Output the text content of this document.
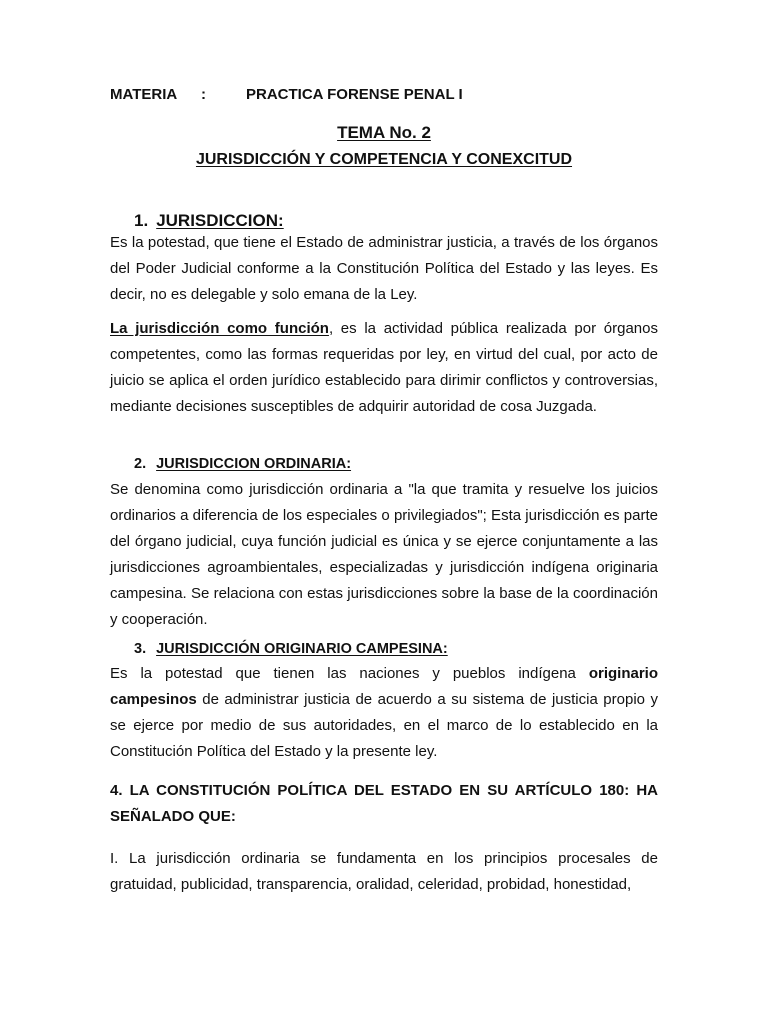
MATERIA :	PRACTICA FORENSE PENAL I
TEMA No. 2
JURISDICCIÓN Y COMPETENCIA Y CONEXCITUD
1. JURISDICCION:
Es la potestad, que tiene el Estado de administrar justicia, a través de los órganos del Poder Judicial conforme a la Constitución Política del Estado y las leyes. Es decir, no es delegable y solo emana de la Ley.
La jurisdicción como función, es la actividad pública realizada por órganos competentes, como las formas requeridas por ley, en virtud del cual, por acto de juicio se aplica el orden jurídico establecido para dirimir conflictos y controversias, mediante decisiones susceptibles de adquirir autoridad de cosa Juzgada.
2. JURISDICCION ORDINARIA:
Se denomina como jurisdicción ordinaria a "la que tramita y resuelve los juicios ordinarios a diferencia de los especiales o privilegiados"; Esta jurisdicción es parte del órgano judicial, cuya función judicial es única y se ejerce conjuntamente a las jurisdicciones agroambientales, especializadas y jurisdicción indígena originaria campesina. Se relaciona con estas jurisdicciones sobre la base de la coordinación y cooperación.
3. JURISDICCIÓN ORIGINARIO CAMPESINA:
Es la potestad que tienen las naciones y pueblos indígena originario campesinos de administrar justicia de acuerdo a su sistema de justicia propio y se ejerce por medio de sus autoridades, en el marco de lo establecido en la Constitución Política del Estado y la presente ley.
4. LA CONSTITUCIÓN POLÍTICA DEL ESTADO EN SU ARTÍCULO 180: HA SEÑALADO QUE:
I. La jurisdicción ordinaria se fundamenta en los principios procesales de gratuidad, publicidad, transparencia, oralidad, celeridad, probidad, honestidad,
